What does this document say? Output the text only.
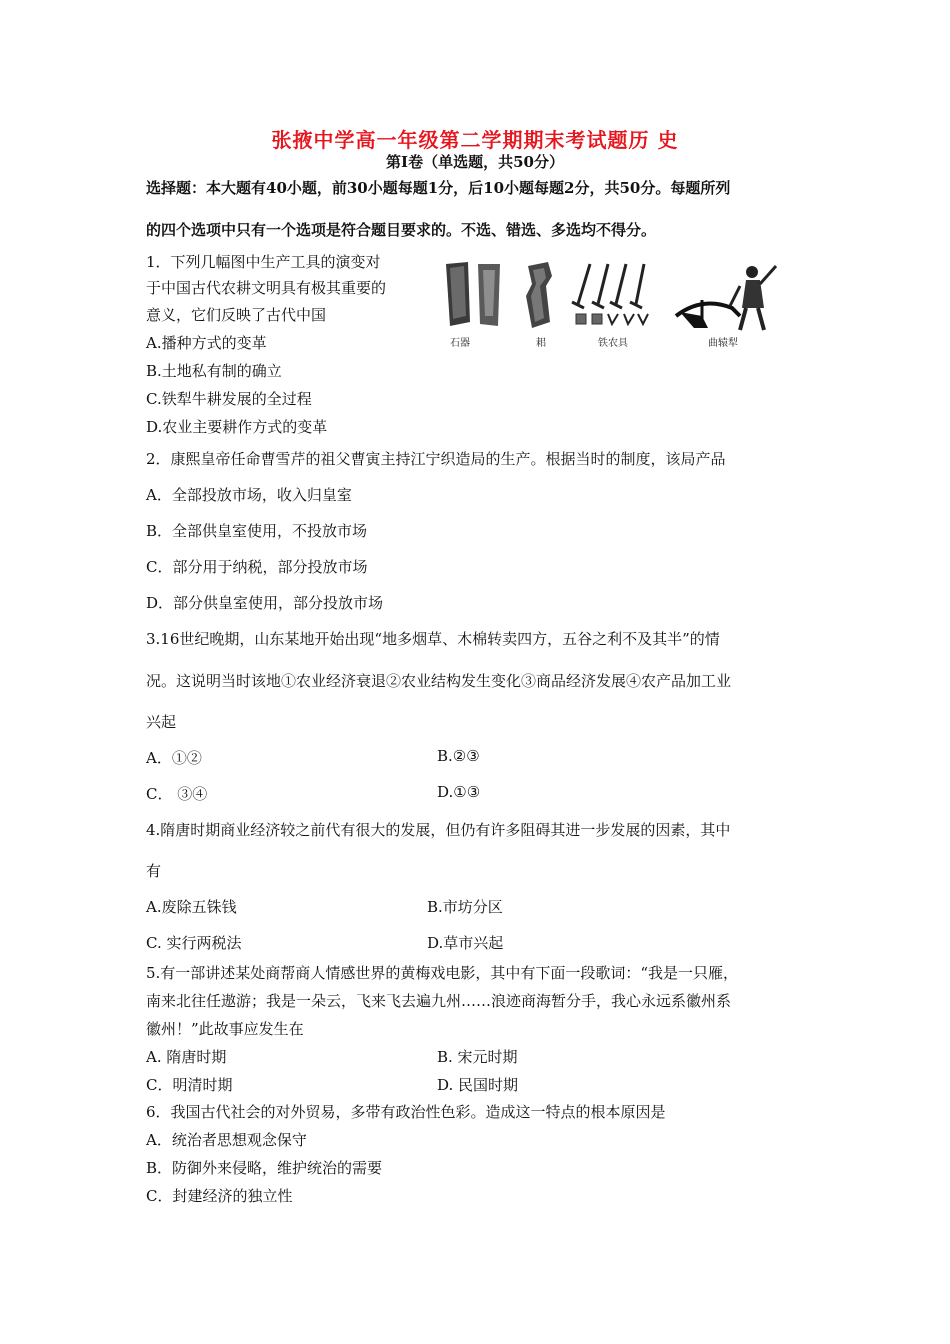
张掖中学高一年级第二学期期末考试题历 史
第Ⅰ卷（单选题，共50分）
选择题：本大题有40小题，前30小题每题1分，后10小题每题2分，共50分。每题所列
的四个选项中只有一个选项是符合题目要求的。不选、错选、多选均不得分。
1．下列几幅图中生产工具的演变对
于中国古代农耕文明具有极其重要的
意义，它们反映了古代中国
A.播种方式的变革
B.土地私有制的确立
C.铁犁牛耕发展的全过程
D.农业主要耕作方式的变革
石器	耜	铁农具	曲辕犁
2．康熙皇帝任命曹雪芹的祖父曹寅主持江宁织造局的生产。根据当时的制度，该局产品
A．全部投放市场，收入归皇室
B．全部供皇室使用，不投放市场
C．部分用于纳税，部分投放市场
D．部分供皇室使用，部分投放市场
3.16世纪晚期，山东某地开始出现“地多烟草、木棉转卖四方，五谷之利不及其半”的情
况。这说明当时该地①农业经济衰退②农业结构发生变化③商品经济发展④农产品加工业
兴起
A．①②	B.②③
C． ③④	D.①③
4.隋唐时期商业经济较之前代有很大的发展，但仍有许多阻碍其进一步发展的因素，其中
有
A.废除五铢钱	B.市坊分区
C. 实行两税法	D.草市兴起
5.有一部讲述某处商帮商人情感世界的黄梅戏电影，其中有下面一段歌词：“我是一只雁，
南来北往任遨游；我是一朵云，飞来飞去遍九州……浪迹商海暂分手，我心永远系徽州系
徽州！”此故事应发生在
A. 隋唐时期	B. 宋元时期
C．明清时期	D. 民国时期
6．我国古代社会的对外贸易，多带有政治性色彩。造成这一特点的根本原因是
A．统治者思想观念保守
B．防御外来侵略，维护统治的需要
C．封建经济的独立性
